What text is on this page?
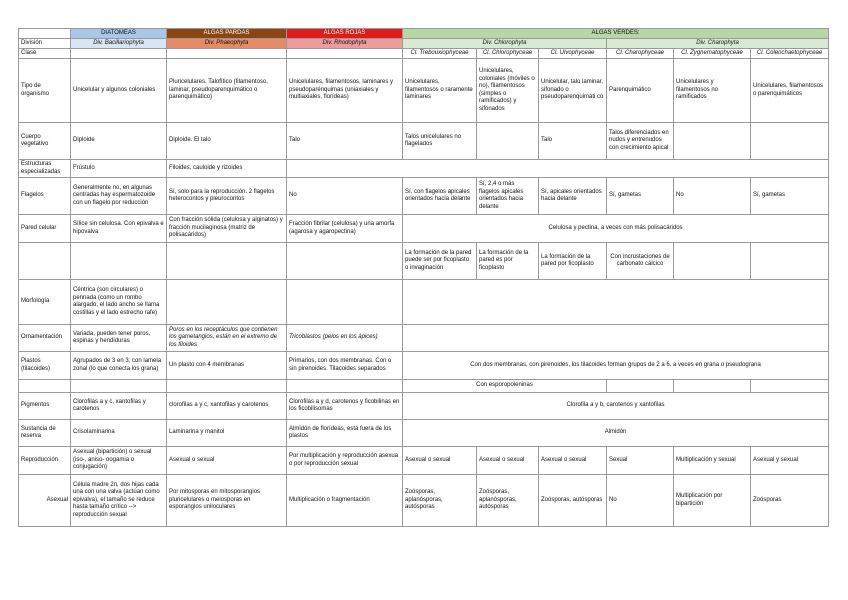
	DIATOMEAS	ALGAS PARDAS	ALGAS ROJAS	ALGAS VERDES:					
División	Div. Bacillariophyta	Div. Phaeophyta	Div. Rhodophyta	Div. Chlorophyta			Div. Charophyta		
Clase				Cl. Trebouxiophyceae	Cl. Chlorophyceae	Cl. Ulvophyceae	Cl. Charophyceae	Cl. Zygnematophyceae	Cl. Coleochaetophyceae
Tipo de organismo	Unicelular y algunos coloniales	Pluricelulares. Talofítico (filamentoso, laminar, pseudoparenquimático o parenquimático)	Unicelulares, filamentosos, laminares y pseudoparénquimas (uniaxiales y multiaxiales, florídeas)	Unicelulares, filamentosos o raramente laminares	Unicelulares, coloniales (móviles o no), filamentosos (simples o ramificados) y sifonados	Unicelular, talo laminar, sifonado o pseudoparenquimáti co	Parenquimático	Unicelulares y filamentosos no ramificados	Unicelulares, filamentosos o parenquimáticos
Cuerpo vegetativo	Diploide	Diploide. El talo	Talo	Talos unicelulares no flagelados		Talo	Talos diferenciados en nudos y entrenudos con crecimiento apical		
Estructuras especializadas	Frústulo	Filoides, cauloide y rizoides							
Flagelos	Generalmente no, en algunas centradas hay espermatozoide con un flagelo por reducción	Sí, solo para la reproducción. 2 flagelos heterocontos y pleurocontos	No	Sí, con flagelos apicales orientados hacia delante	Sí, 2,4 o más flagelos apicales orientados hacia delante	Sí, apicales orientados hacia delante	Sí, gametas	No	Sí, gametas
Pared celular	Sílice sin celulosa. Con epivalva e hipovalva	Con fracción sólida (celulosa y alginatos) y fracción mucilaginosa (matriz de polisacáridos)	Fracción fibrilar (celulosa) y una amorfa (agarosa y agaropectina)	Celulosa y pectina, a veces con más polisacáridos					
				La formación de la pared puede ser por ficoplasto o invaginación	La formación de la pared es por ficoplasto	La formación de la pared por ficoplasto	Con incrustaciones de carbonato cálcico		
Morfología	Céntrica (son circulares) o pennada (como un rombo alargado, el lado ancho se llama costillas y el lado estrecho rafe)								
Ornamentación	Variada, pueden tener poros, espinas y hendiduras	Poros en los receptáculos que contienen los gametangios, están en el extremo de los filoides	Tricoblastos (pelos en los ápices)						
Plastos (tilacoides)	Agrupados de 3 en 3, con lamela zonal (lo que conecta los grana)	Un plasto con 4 membranas	Primarios, con dos membranas. Con o sin pirenoides. Tilacoides separados	Con dos membranas, con pirenoides, los tilacoides forman grupos de 2 a 6, a veces en grana o pseudograna					
				Con esporopoleninas					
Pigmentos	Clorofilas a y c, xantofilas y carotenos	clorofilas a y c, xantofilas y carotenos	Clorofilas a y d, carotenos y ficobilinas en los ficobilisomas	Clorofila a y b, carotenos y xantofilas					
Sustancia de reserva	Crisolaminarina	Laminarina y manitol	Almidón de florídeas, está fuera de los plastos	Almidón					
Reproducción	Asexual (bipartición) o sexual (iso-, aniso- oogamia o conjugación)	Asexual o sexual	Por multiplicación y reproducción asexua o por reproducción sexual	Asexual o sexual	Asexual o sexual	Asexual o sexual	Sexual	Multiplicación y sexual	Asexual y sexual
Asexual	Célula madre 2n, dos hijas cada una con una valva (actúan como epivalva), el tamaño se reduce hasta tamaño crítico --> reproducción sexual	Por mitosporas en mitosporangios pluricelulares o meiosporas en esporangios uniloculares	Multiplicación o fragmentación	Zoósporas, aplanósporas, autósporas	Zoósporas, aplanósporas, autósporas	Zoósporas, autósporas	No	Multiplicación por bipartición	Zoósporas
